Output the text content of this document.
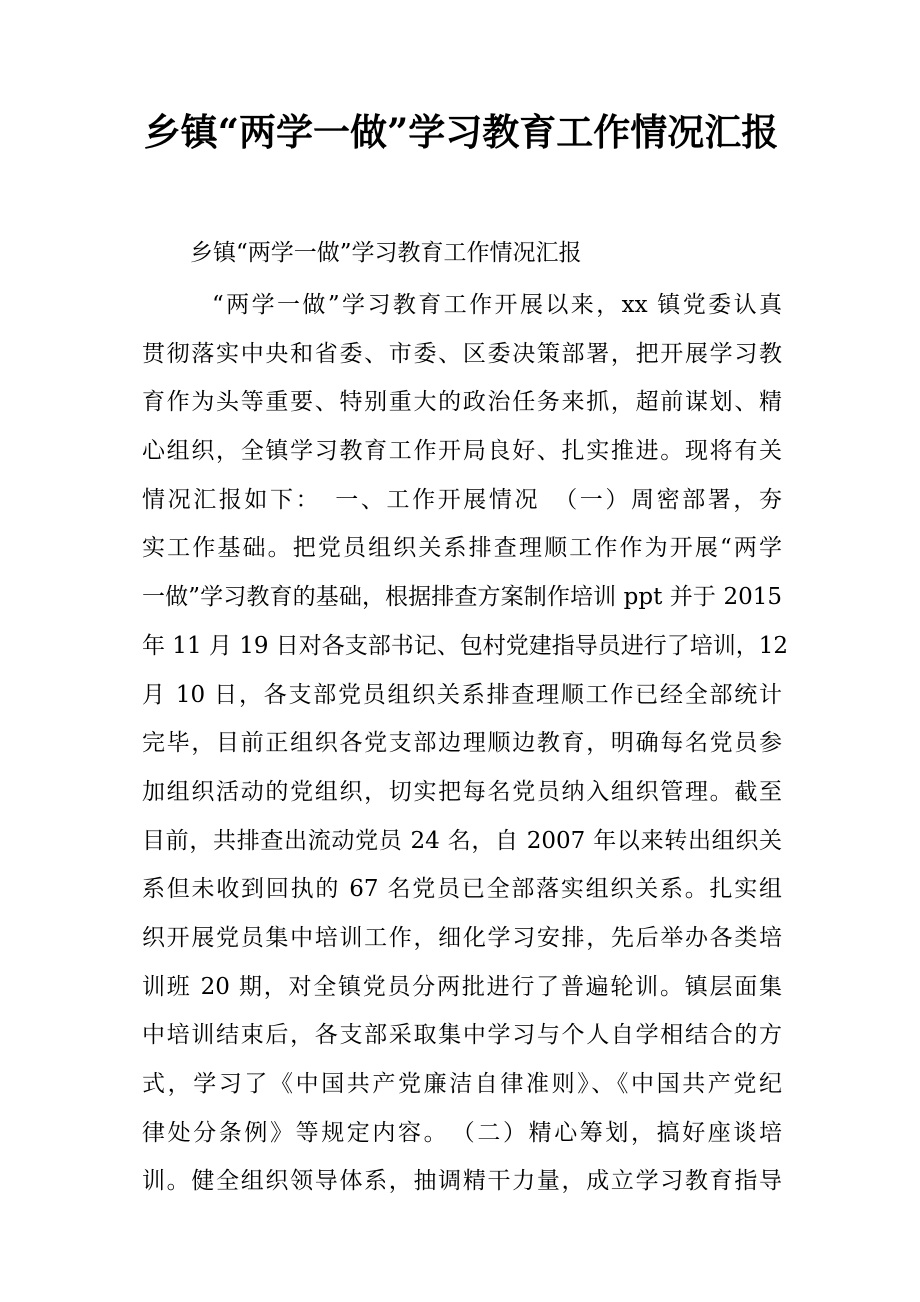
乡镇“两学一做”学习教育工作情况汇报
乡镇“两学一做”学习教育工作情况汇报
“两学一做”学习教育工作开展以来，xx 镇党委认真
贯彻落实中央和省委、市委、区委决策部署，把开展学习教
育作为头等重要、特别重大的政治任务来抓，超前谋划、精
心组织，全镇学习教育工作开局良好、扎实推进。现将有关
情况汇报如下：　一、工作开展情况　（一）周密部署，夯
实工作基础。把党员组织关系排查理顺工作作为开展“两学
一做”学习教育的基础，根据排查方案制作培训 ppt 并于 2015
年 11 月 19 日对各支部书记、包村党建指导员进行了培训，12
月 10 日，各支部党员组织关系排查理顺工作已经全部统计
完毕，目前正组织各党支部边理顺边教育，明确每名党员参
加组织活动的党组织，切实把每名党员纳入组织管理。截至
目前，共排查出流动党员 24 名，自 2007 年以来转出组织关
系但未收到回执的 67 名党员已全部落实组织关系。扎实组
织开展党员集中培训工作，细化学习安排，先后举办各类培
训班 20 期，对全镇党员分两批进行了普遍轮训。镇层面集
中培训结束后，各支部采取集中学习与个人自学相结合的方
式，学习了《中国共产党廉洁自律准则》、《中国共产党纪
律处分条例》等规定内容。　（二）精心筹划，搞好座谈培
训。健全组织领导体系，抽调精干力量，成立学习教育指导
